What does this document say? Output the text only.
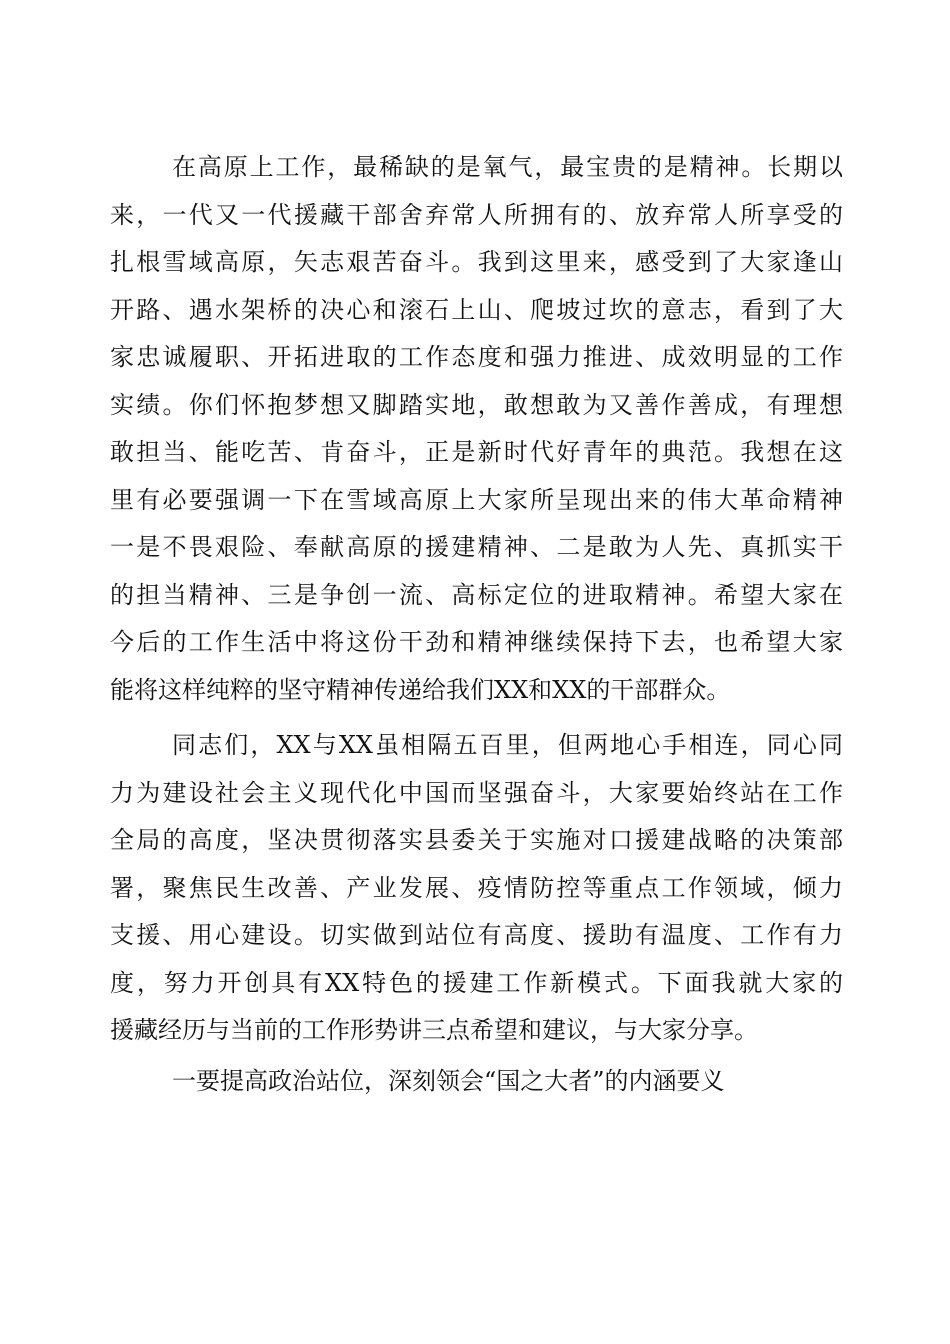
在高原上工作，最稀缺的是氧气，最宝贵的是精神。长期以
来，一代又一代援藏干部舍弃常人所拥有的、放弃常人所享受的
扎根雪域高原，矢志艰苦奋斗。我到这里来，感受到了大家逢山
开路、遇水架桥的决心和滚石上山、爬坡过坎的意志，看到了大
家忠诚履职、开拓进取的工作态度和强力推进、成效明显的工作
实绩。你们怀抱梦想又脚踏实地，敢想敢为又善作善成，有理想
敢担当、能吃苦、肯奋斗，正是新时代好青年的典范。我想在这
里有必要强调一下在雪域高原上大家所呈现出来的伟大革命精神
一是不畏艰险、奉献高原的援建精神、二是敢为人先、真抓实干
的担当精神、三是争创一流、高标定位的进取精神。希望大家在
今后的工作生活中将这份干劲和精神继续保持下去，也希望大家
能将这样纯粹的坚守精神传递给我们XX和XX的干部群众。
同志们，XX与XX虽相隔五百里，但两地心手相连，同心同
力为建设社会主义现代化中国而坚强奋斗，大家要始终站在工作
全局的高度，坚决贯彻落实县委关于实施对口援建战略的决策部
署，聚焦民生改善、产业发展、疫情防控等重点工作领域，倾力
支援、用心建设。切实做到站位有高度、援助有温度、工作有力
度，努力开创具有XX特色的援建工作新模式。下面我就大家的
援藏经历与当前的工作形势讲三点希望和建议，与大家分享。
一要提高政治站位，深刻领会“国之大者”的内涵要义
